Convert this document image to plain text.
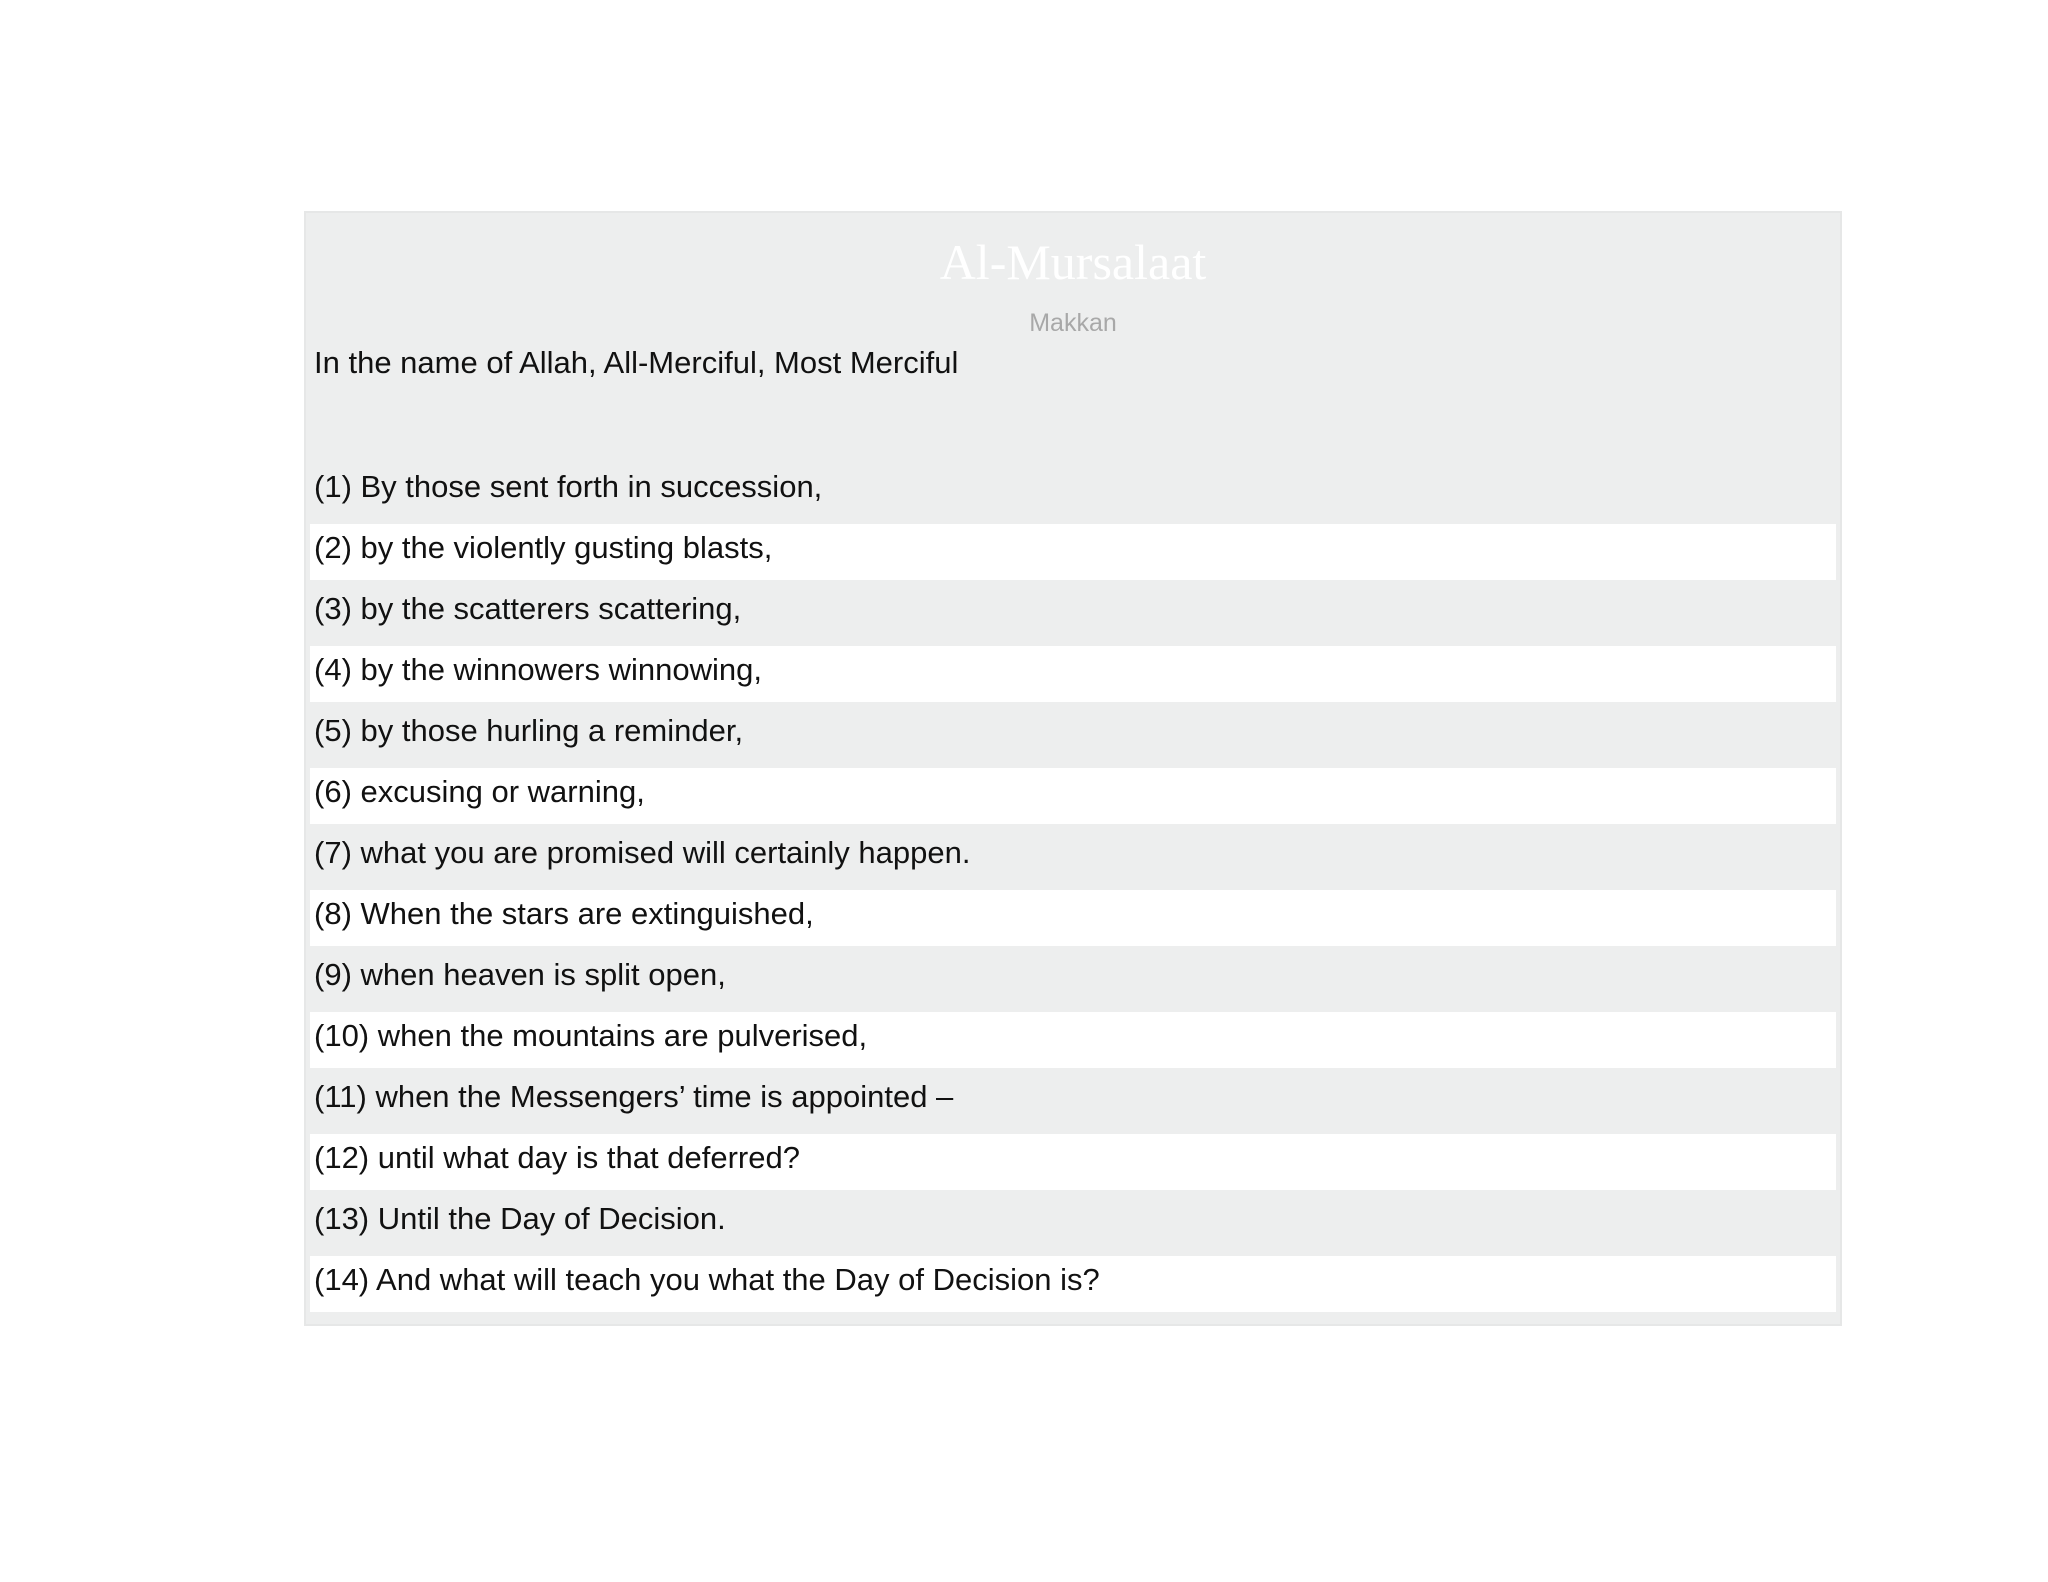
Al-Mursalaat
Makkan
In the name of Allah, All-Merciful, Most Merciful
(1) By those sent forth in succession,
(2) by the violently gusting blasts,
(3) by the scatterers scattering,
(4) by the winnowers winnowing,
(5) by those hurling a reminder,
(6) excusing or warning,
(7) what you are promised will certainly happen.
(8) When the stars are extinguished,
(9) when heaven is split open,
(10) when the mountains are pulverised,
(11) when the Messengers’ time is appointed –
(12) until what day is that deferred?
(13) Until the Day of Decision.
(14) And what will teach you what the Day of Decision is?
